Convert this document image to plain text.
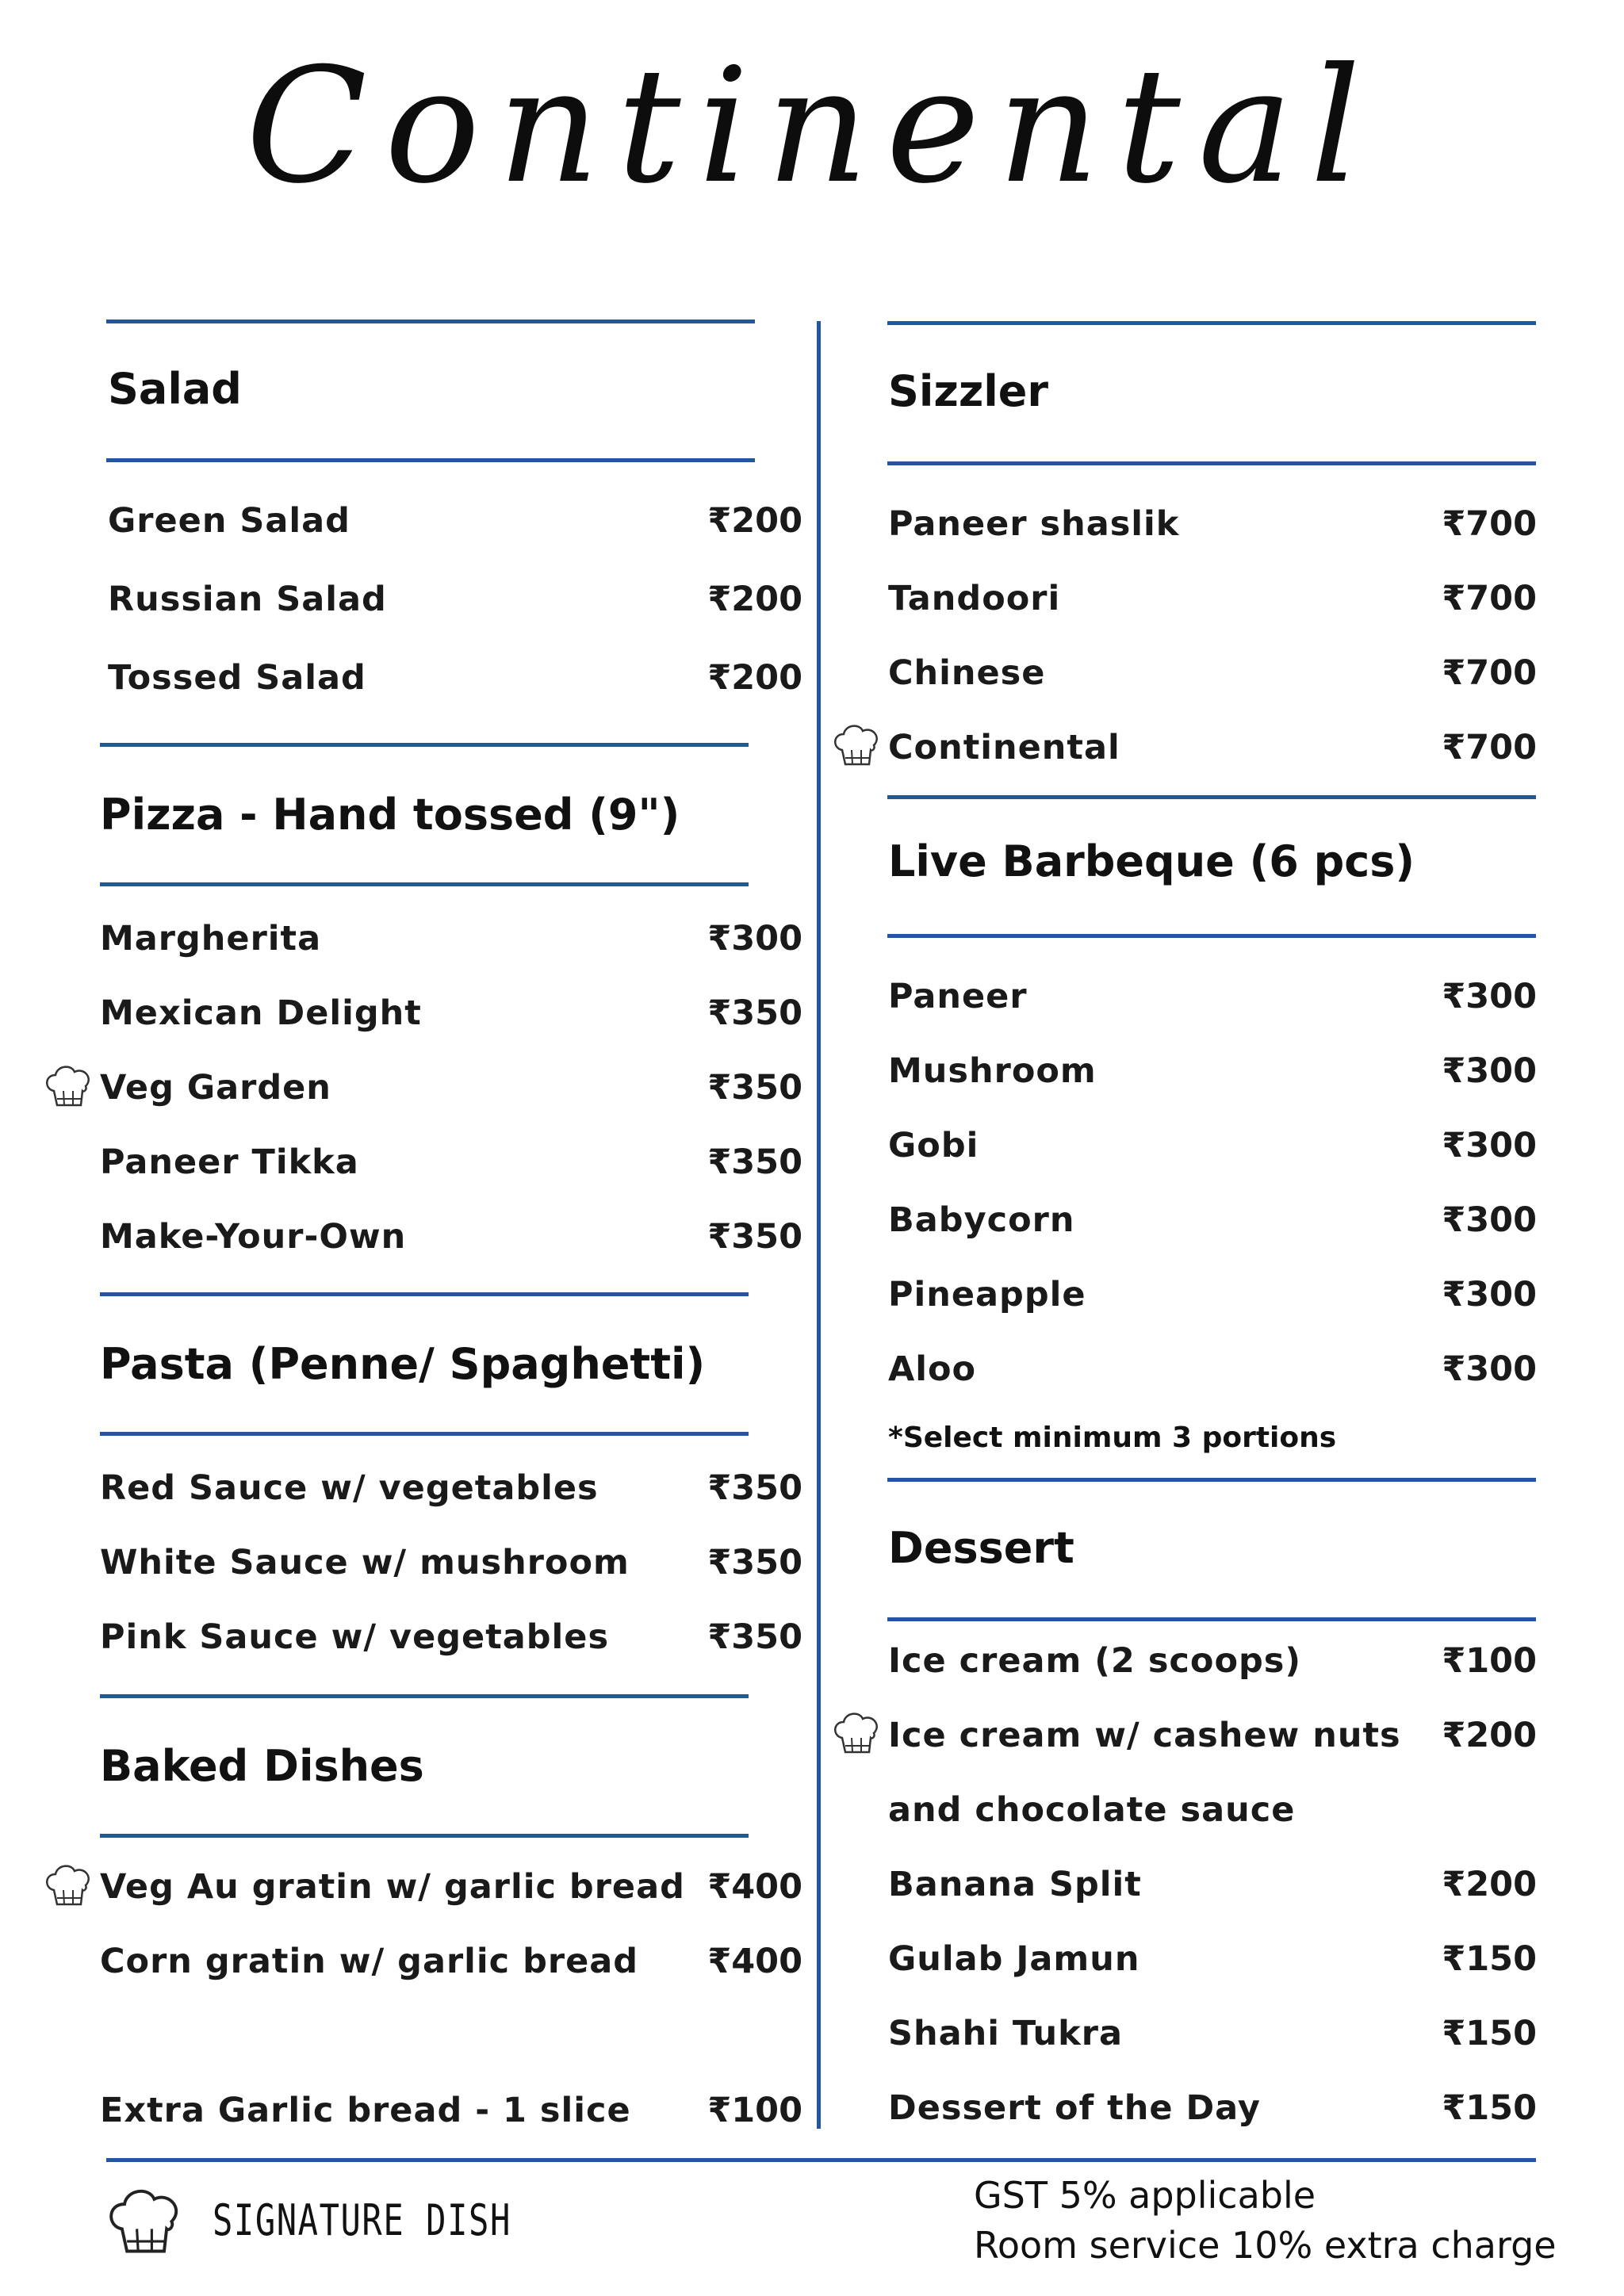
Continental
Salad
Green Salad	₹200
Russian Salad	₹200
Tossed Salad	₹200
Pizza - Hand tossed (9")
Margherita	₹300
Mexican Delight	₹350
Veg Garden	₹350
Paneer Tikka	₹350
Make-Your-Own	₹350
Pasta (Penne/ Spaghetti)
Red Sauce w/ vegetables	₹350
White Sauce w/ mushroom	₹350
Pink Sauce w/ vegetables	₹350
Baked Dishes
Veg Au gratin w/ garlic bread ₹400
Corn gratin w/ garlic bread	₹400
Extra Garlic bread - 1 slice	₹100
Sizzler
Paneer shaslik	₹700
Tandoori	₹700
Chinese	₹700
Continental	₹700
Live Barbeque (6 pcs)
Paneer	₹300
Mushroom	₹300
Gobi	₹300
Babycorn	₹300
Pineapple	₹300
Aloo	₹300
*Select minimum 3 portions
Dessert
Ice cream (2 scoops)	₹100
Ice cream w/ cashew nuts	₹200
and chocolate sauce
Banana Split	₹200
Gulab Jamun	₹150
Shahi Tukra	₹150
Dessert of the Day	₹150
SIGNATURE DISH	GST 5% applicable
Room service 10% extra charge
